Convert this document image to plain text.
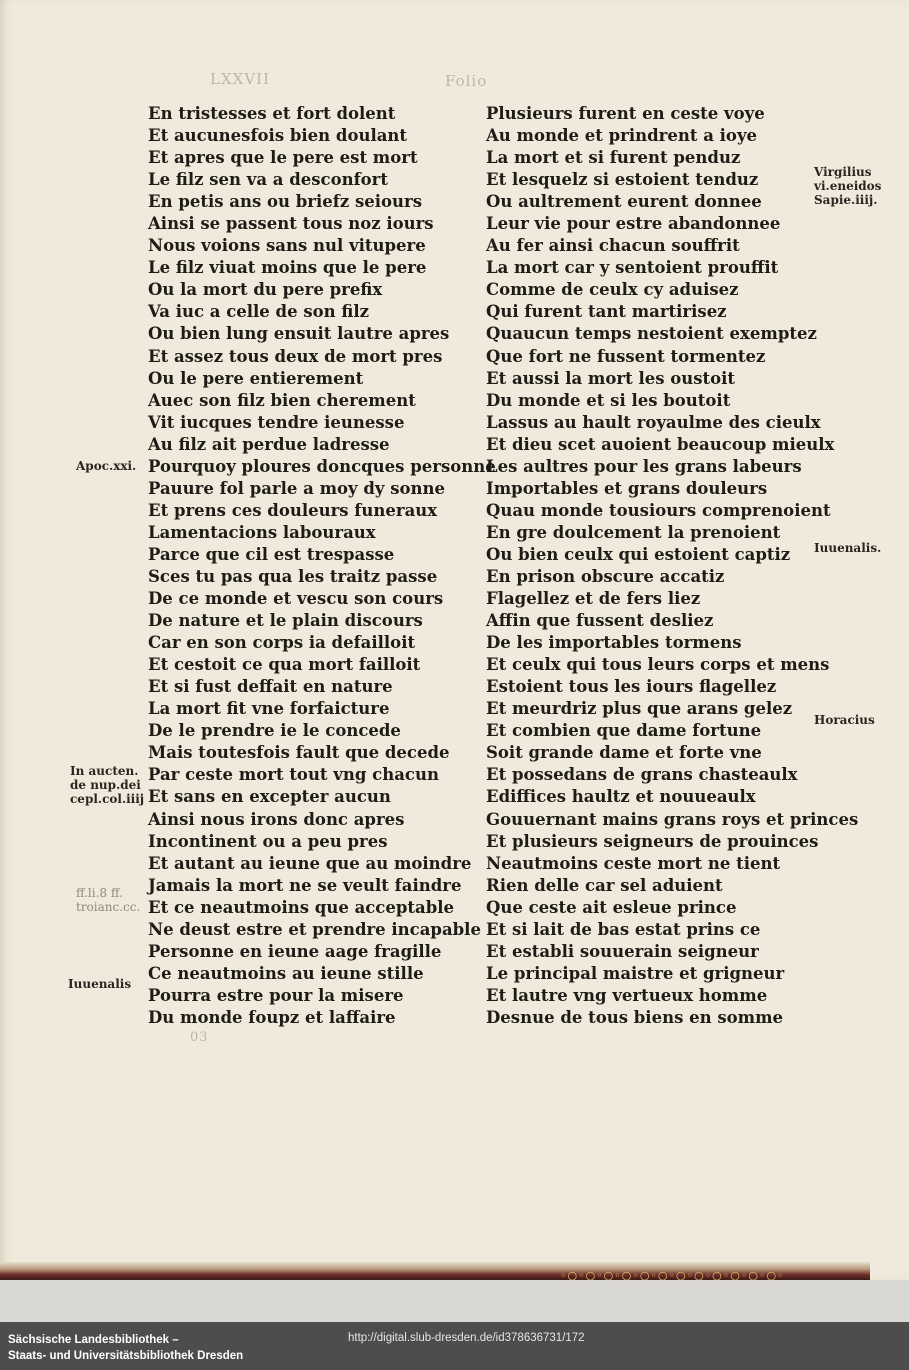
LXXVII	Folio
03
En tristesses et fort dolent
Et aucunesfois bien doulant
Et apres que le pere est mort
Le filz sen va a desconfort
En petis ans ou briefz seiours
Ainsi se passent tous noz iours
Nous voions sans nul vitupere
Le filz viuat moins que le pere
Ou la mort du pere prefix
Va iuc a celle de son filz
Ou bien lung ensuit lautre apres
Et assez tous deux de mort pres
Ou le pere entierement
Auec son filz bien cherement
Vit iucques tendre ieunesse
Au filz ait perdue ladresse
Pourquoy ploures doncques personne
Pauure fol parle a moy dy sonne
Et prens ces douleurs funeraux
Lamentacions labouraux
Parce que cil est trespasse
Sces tu pas qua les traitz passe
De ce monde et vescu son cours
De nature et le plain discours
Car en son corps ia defailloit
Et cestoit ce qua mort failloit
Et si fust deffait en nature
La mort fit vne forfaicture
De le prendre ie le concede
Mais toutesfois fault que decede
Par ceste mort tout vng chacun
Et sans en excepter aucun
Ainsi nous irons donc apres
Incontinent ou a peu pres
Et autant au ieune que au moindre
Jamais la mort ne se veult faindre
Et ce neautmoins que acceptable
Ne deust estre et prendre incapable
Personne en ieune aage fragille
Ce neautmoins au ieune stille
Pourra estre pour la misere
Du monde foupz et laffaire
Plusieurs furent en ceste voye
Au monde et prindrent a ioye
La mort et si furent penduz
Et lesquelz si estoient tenduz
Ou aultrement eurent donnee
Leur vie pour estre abandonnee
Au fer ainsi chacun souffrit
La mort car y sentoient prouffit
Comme de ceulx cy aduisez
Qui furent tant martirisez
Quaucun temps nestoient exemptez
Que fort ne fussent tormentez
Et aussi la mort les oustoit
Du monde et si les boutoit
Lassus au hault royaulme des cieulx
Et dieu scet auoient beaucoup mieulx
Les aultres pour les grans labeurs
Importables et grans douleurs
Quau monde tousiours comprenoient
En gre doulcement la prenoient
Ou bien ceulx qui estoient captiz
En prison obscure accatiz
Flagellez et de fers liez
Affin que fussent desliez
De les importables tormens
Et ceulx qui tous leurs corps et mens
Estoient tous les iours flagellez
Et meurdriz plus que arans gelez
Et combien que dame fortune
Soit grande dame et forte vne
Et possedans de grans chasteaulx
Ediffices haultz et nouueaulx
Gouuernant mains grans roys et princes
Et plusieurs seigneurs de prouinces
Neautmoins ceste mort ne tient
Rien delle car sel aduient
Que ceste ait esleue prince
Et si lait de bas estat prins ce
Et establi souuerain seigneur
Le principal maistre et grigneur
Et lautre vng vertueux homme
Desnue de tous biens en somme
Apoc.xxi.
In aucten.
de nup.dei
cepl.col.iiij
ff.li.8 ff.
troianc.cc.
Iuuenalis
Virgilius
vi.eneidos
Sapie.iiij.
Iuuenalis.
Horacius
◦○◦○◦○◦○◦○◦○◦○◦○◦○◦○◦○◦○◦
Sächsische Landesbibliothek –
Staats- und Universitätsbibliothek Dresden
http://digital.slub-dresden.de/id378636731/172
